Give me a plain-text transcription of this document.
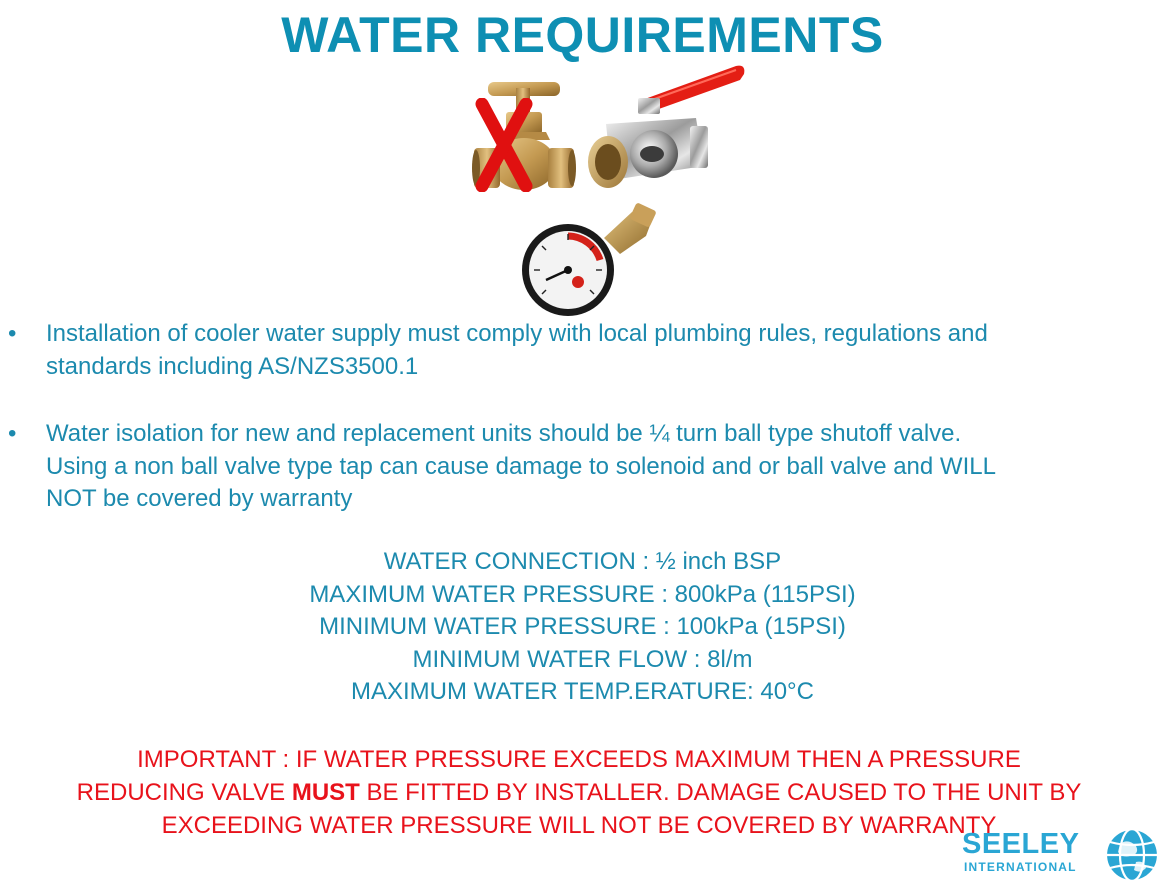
WATER REQUIREMENTS
• Installation of cooler water supply must comply with local plumbing rules, regulations and
standards including AS/NZS3500.1
• Water isolation for new and replacement units should be ¼ turn ball type shutoff valve.
Using a non ball valve type tap can cause damage to solenoid and or ball valve and WILL
NOT be covered by warranty
WATER CONNECTION : ½ inch BSP
MAXIMUM WATER PRESSURE : 800kPa (115PSI)
MINIMUM WATER PRESSURE : 100kPa (15PSI)
MINIMUM WATER FLOW : 8l/m
MAXIMUM WATER TEMP.ERATURE: 40°C
IMPORTANT : IF WATER PRESSURE EXCEEDS MAXIMUM THEN A PRESSURE
REDUCING VALVE MUST BE FITTED BY INSTALLER. DAMAGE CAUSED TO THE UNIT BY
EXCEEDING WATER PRESSURE WILL NOT BE COVERED BY WARRANTY
SEELEY
INTERNATIONAL
